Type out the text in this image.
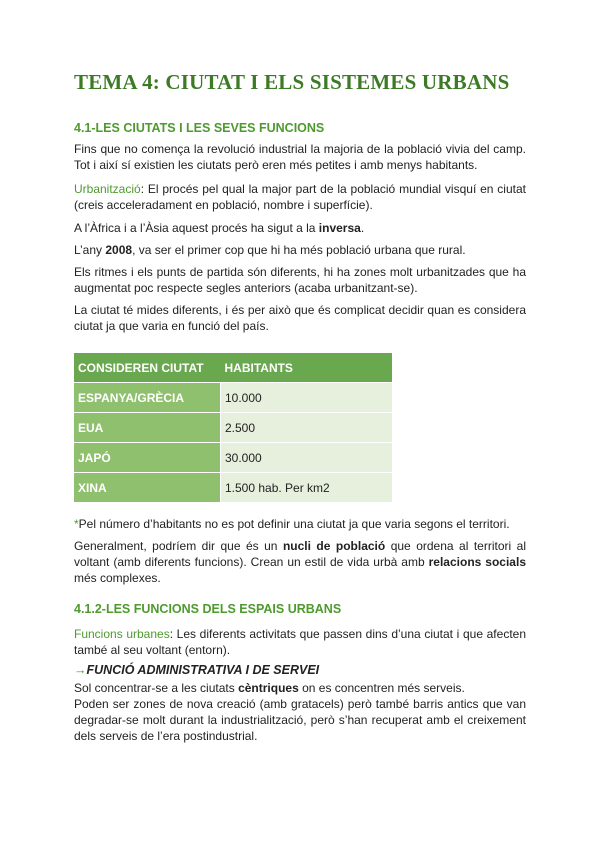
TEMA 4: CIUTAT I ELS SISTEMES URBANS
4.1-LES CIUTATS I LES SEVES FUNCIONS

Fins que no comença la revolució industrial la majoria de la població vivia del camp. Tot i així sí existien les ciutats però eren més petites i amb menys habitants.

Urbanització: El procés pel qual la major part de la població mundial visquí en ciutat (creis acceleradament en població, nombre i superfície).

A l’Àfrica i a l’Àsia aquest procés ha sigut a la inversa.

L’any 2008, va ser el primer cop que hi ha més població urbana que rural.

Els ritmes i els punts de partida són diferents, hi ha zones molt urbanitzades que ha augmentat poc respecte segles anteriors (acaba urbanitzant-se).

La ciutat té mides diferents, i és per això que és complicat decidir quan es considera ciutat ja que varia en funció del país.

CONSIDEREN CIUTAT	HABITANTS
ESPANYA/GRÈCIA	10.000
EUA	2.500
JAPÓ	30.000
XINA	1.500 hab. Per km2

*Pel número d’habitants no es pot definir una ciutat ja que varia segons el territori.

Generalment, podríem dir que és un nucli de població que ordena al territori al voltant (amb diferents funcions). Crean un estil de vida urbà amb relacions socials més complexes.

4.1.2-LES FUNCIONS DELS ESPAIS URBANS

Funcions urbanes: Les diferents activitats que passen dins d’una ciutat i que afecten també al seu voltant (entorn).

→FUNCIÓ ADMINISTRATIVA I DE SERVEI

Sol concentrar-se a les ciutats cèntriques on es concentren més serveis.

Poden ser zones de nova creació (amb gratacels) però també barris antics que van degradar-se molt durant la industrialització, però s’han recuperat amb el creixement dels serveis de l’era postindustrial.
